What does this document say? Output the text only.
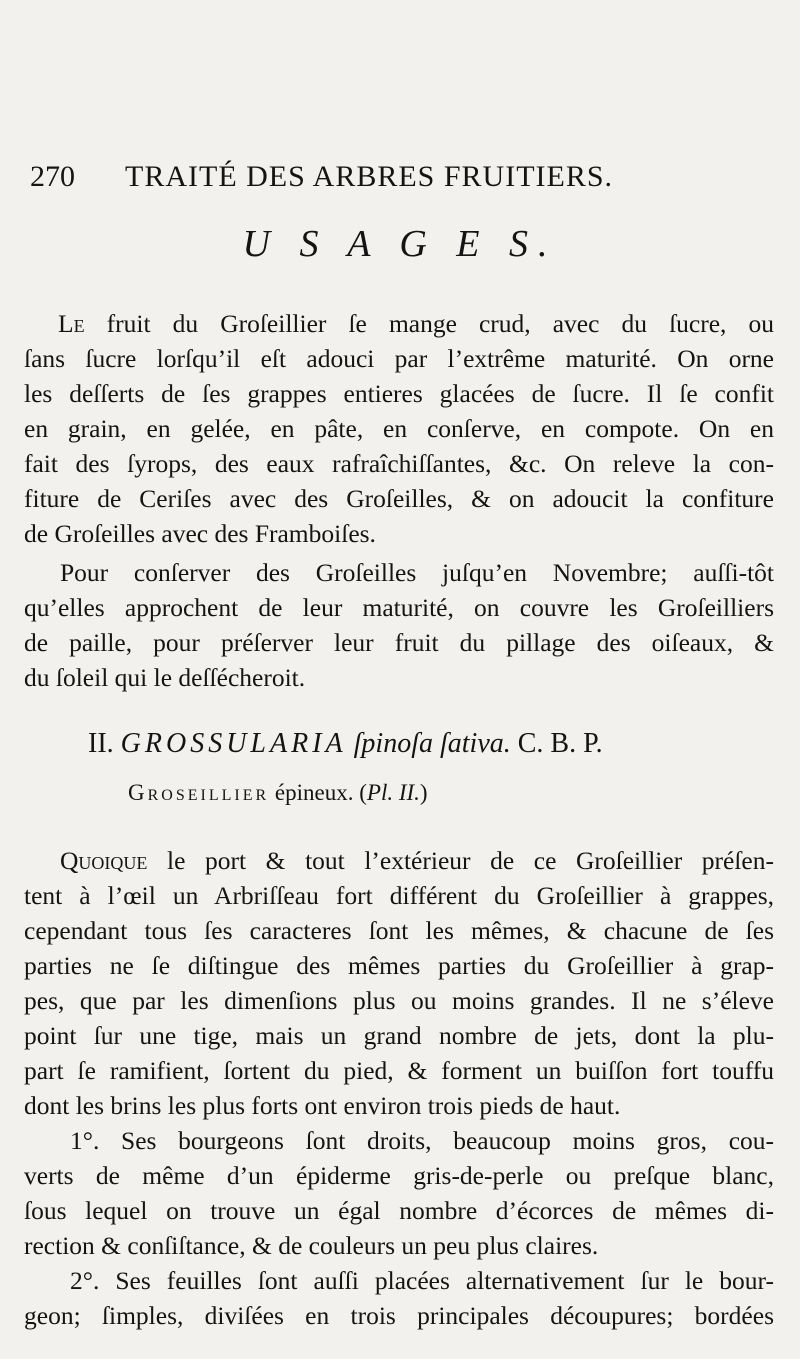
270 TRAITÉ DES ARBRES FRUITIERS.
U S A G E S.
Le fruit du Groſeillier ſe mange crud, avec du ſucre, ou
ſans ſucre lorſqu’il eſt adouci par l’extrême maturité. On orne
les deſſerts de ſes grappes entieres glacées de ſucre. Il ſe confit
en grain, en gelée, en pâte, en conſerve, en compote. On en
fait des ſyrops, des eaux rafraîchiſſantes, &c. On releve la con-
fiture de Ceriſes avec des Groſeilles, & on adoucit la confiture
de Groſeilles avec des Framboiſes.
Pour conſerver des Groſeilles juſqu’en Novembre; auſſi-tôt
qu’elles approchent de leur maturité, on couvre les Groſeilliers
de paille, pour préſerver leur fruit du pillage des oiſeaux, &
du ſoleil qui le deſſécheroit.
II. GROSSULARIA ſpinoſa ſativa. C. B. P.
Groseillier épineux. (Pl. II.)
Quoique le port & tout l’extérieur de ce Groſeillier préſen-
tent à l’œil un Arbriſſeau fort différent du Groſeillier à grappes,
cependant tous ſes caracteres ſont les mêmes, & chacune de ſes
parties ne ſe diſtingue des mêmes parties du Groſeillier à grap-
pes, que par les dimenſions plus ou moins grandes. Il ne s’éleve
point ſur une tige, mais un grand nombre de jets, dont la plu-
part ſe ramifient, ſortent du pied, & forment un buiſſon fort touffu
dont les brins les plus forts ont environ trois pieds de haut.
1°. Ses bourgeons ſont droits, beaucoup moins gros, cou-
verts de même d’un épiderme gris-de-perle ou preſque blanc,
ſous lequel on trouve un égal nombre d’écorces de mêmes di-
rection & conſiſtance, & de couleurs un peu plus claires.
2°. Ses feuilles ſont auſſi placées alternativement ſur le bour-
geon; ſimples, diviſées en trois principales découpures; bordées
